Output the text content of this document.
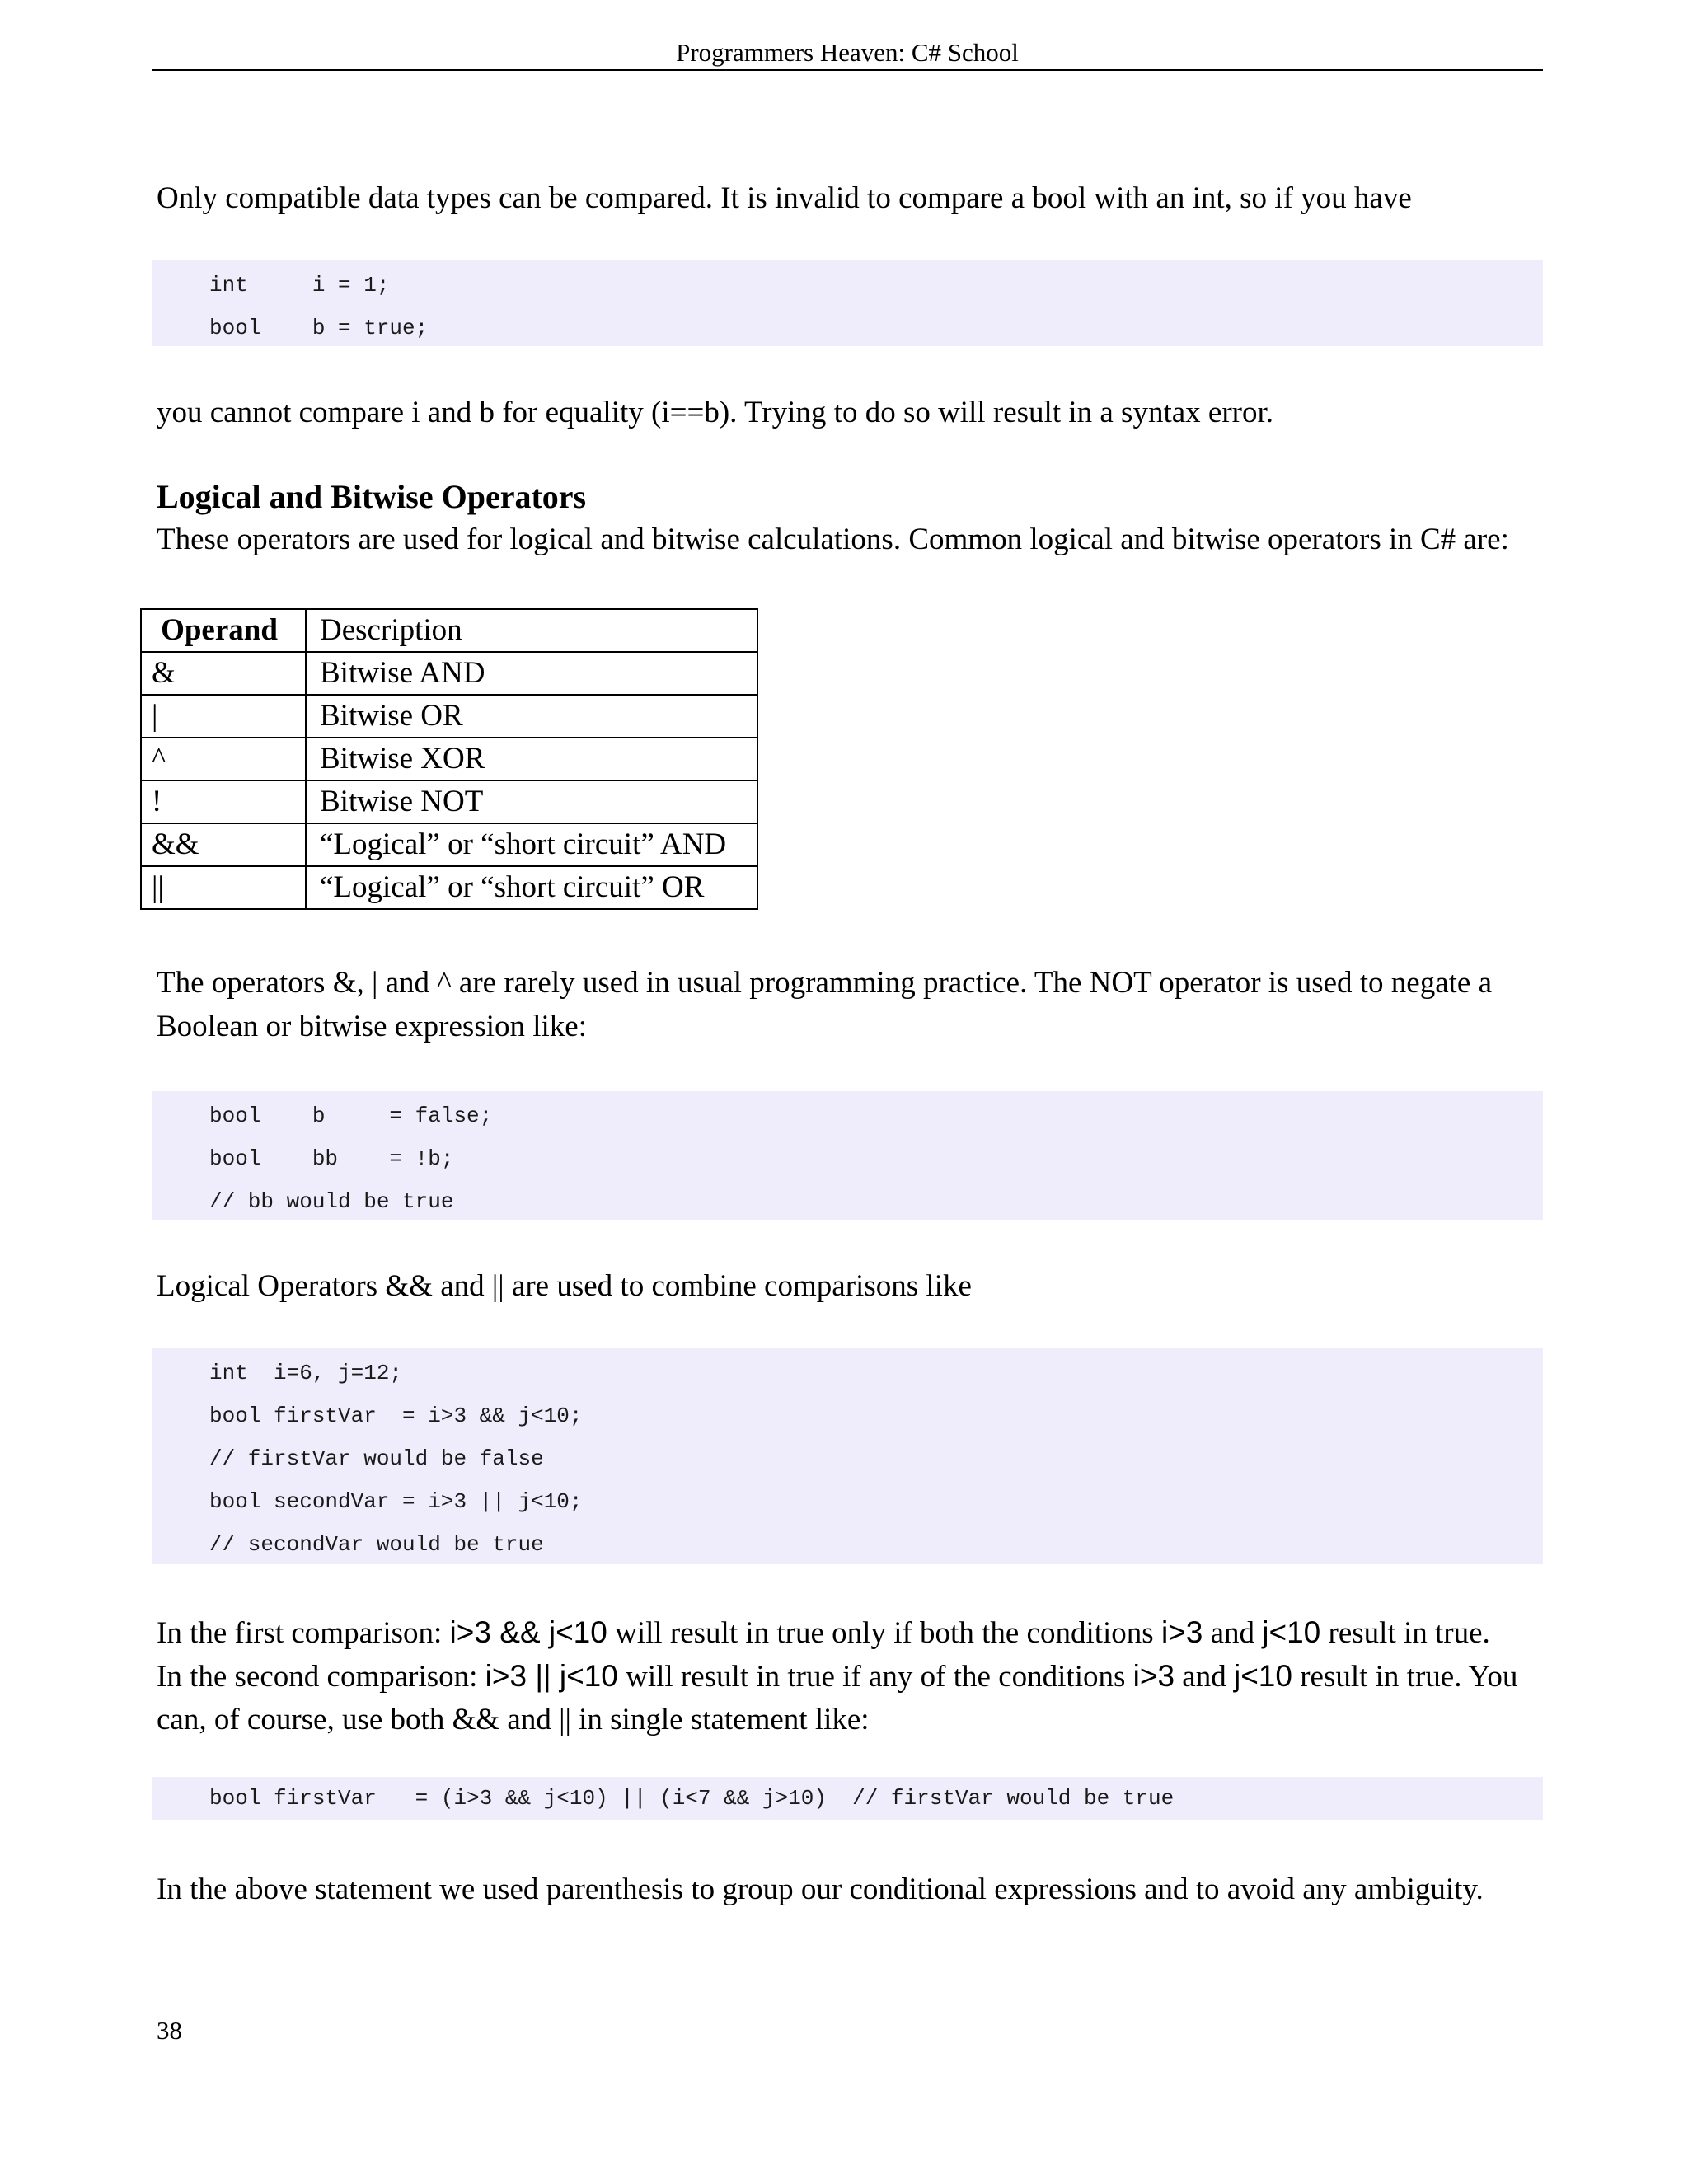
Programmers Heaven: C# School

Only compatible data types can be compared. It is invalid to compare a bool with an int, so if you have

int     i = 1;
bool    b = true;

you cannot compare i and b for equality (i==b). Trying to do so will result in a syntax error.

Logical and Bitwise Operators

These operators are used for logical and bitwise calculations. Common logical and bitwise operators in C# are:

Operand	Description
&	Bitwise AND
|	Bitwise OR
^	Bitwise XOR
!	Bitwise NOT
&&	“Logical” or “short circuit” AND
||	“Logical” or “short circuit” OR

The operators &, | and ^ are rarely used in usual programming practice. The NOT operator is used to negate a

Boolean or bitwise expression like:

bool    b     = false;
bool    bb    = !b;
// bb would be true

Logical Operators && and || are used to combine comparisons like

int  i=6, j=12;
bool firstVar  = i>3 && j<10;
// firstVar would be false
bool secondVar = i>3 || j<10;
// secondVar would be true

In the first comparison: i>3 && j<10 will result in true only if both the conditions i>3 and j<10 result in true.

In the second comparison: i>3 || j<10 will result in true if any of the conditions i>3 and j<10 result in true. You

can, of course, use both && and || in single statement like:

bool firstVar   = (i>3 && j<10) || (i<7 && j>10)  // firstVar would be true

In the above statement we used parenthesis to group our conditional expressions and to avoid any ambiguity.

38
